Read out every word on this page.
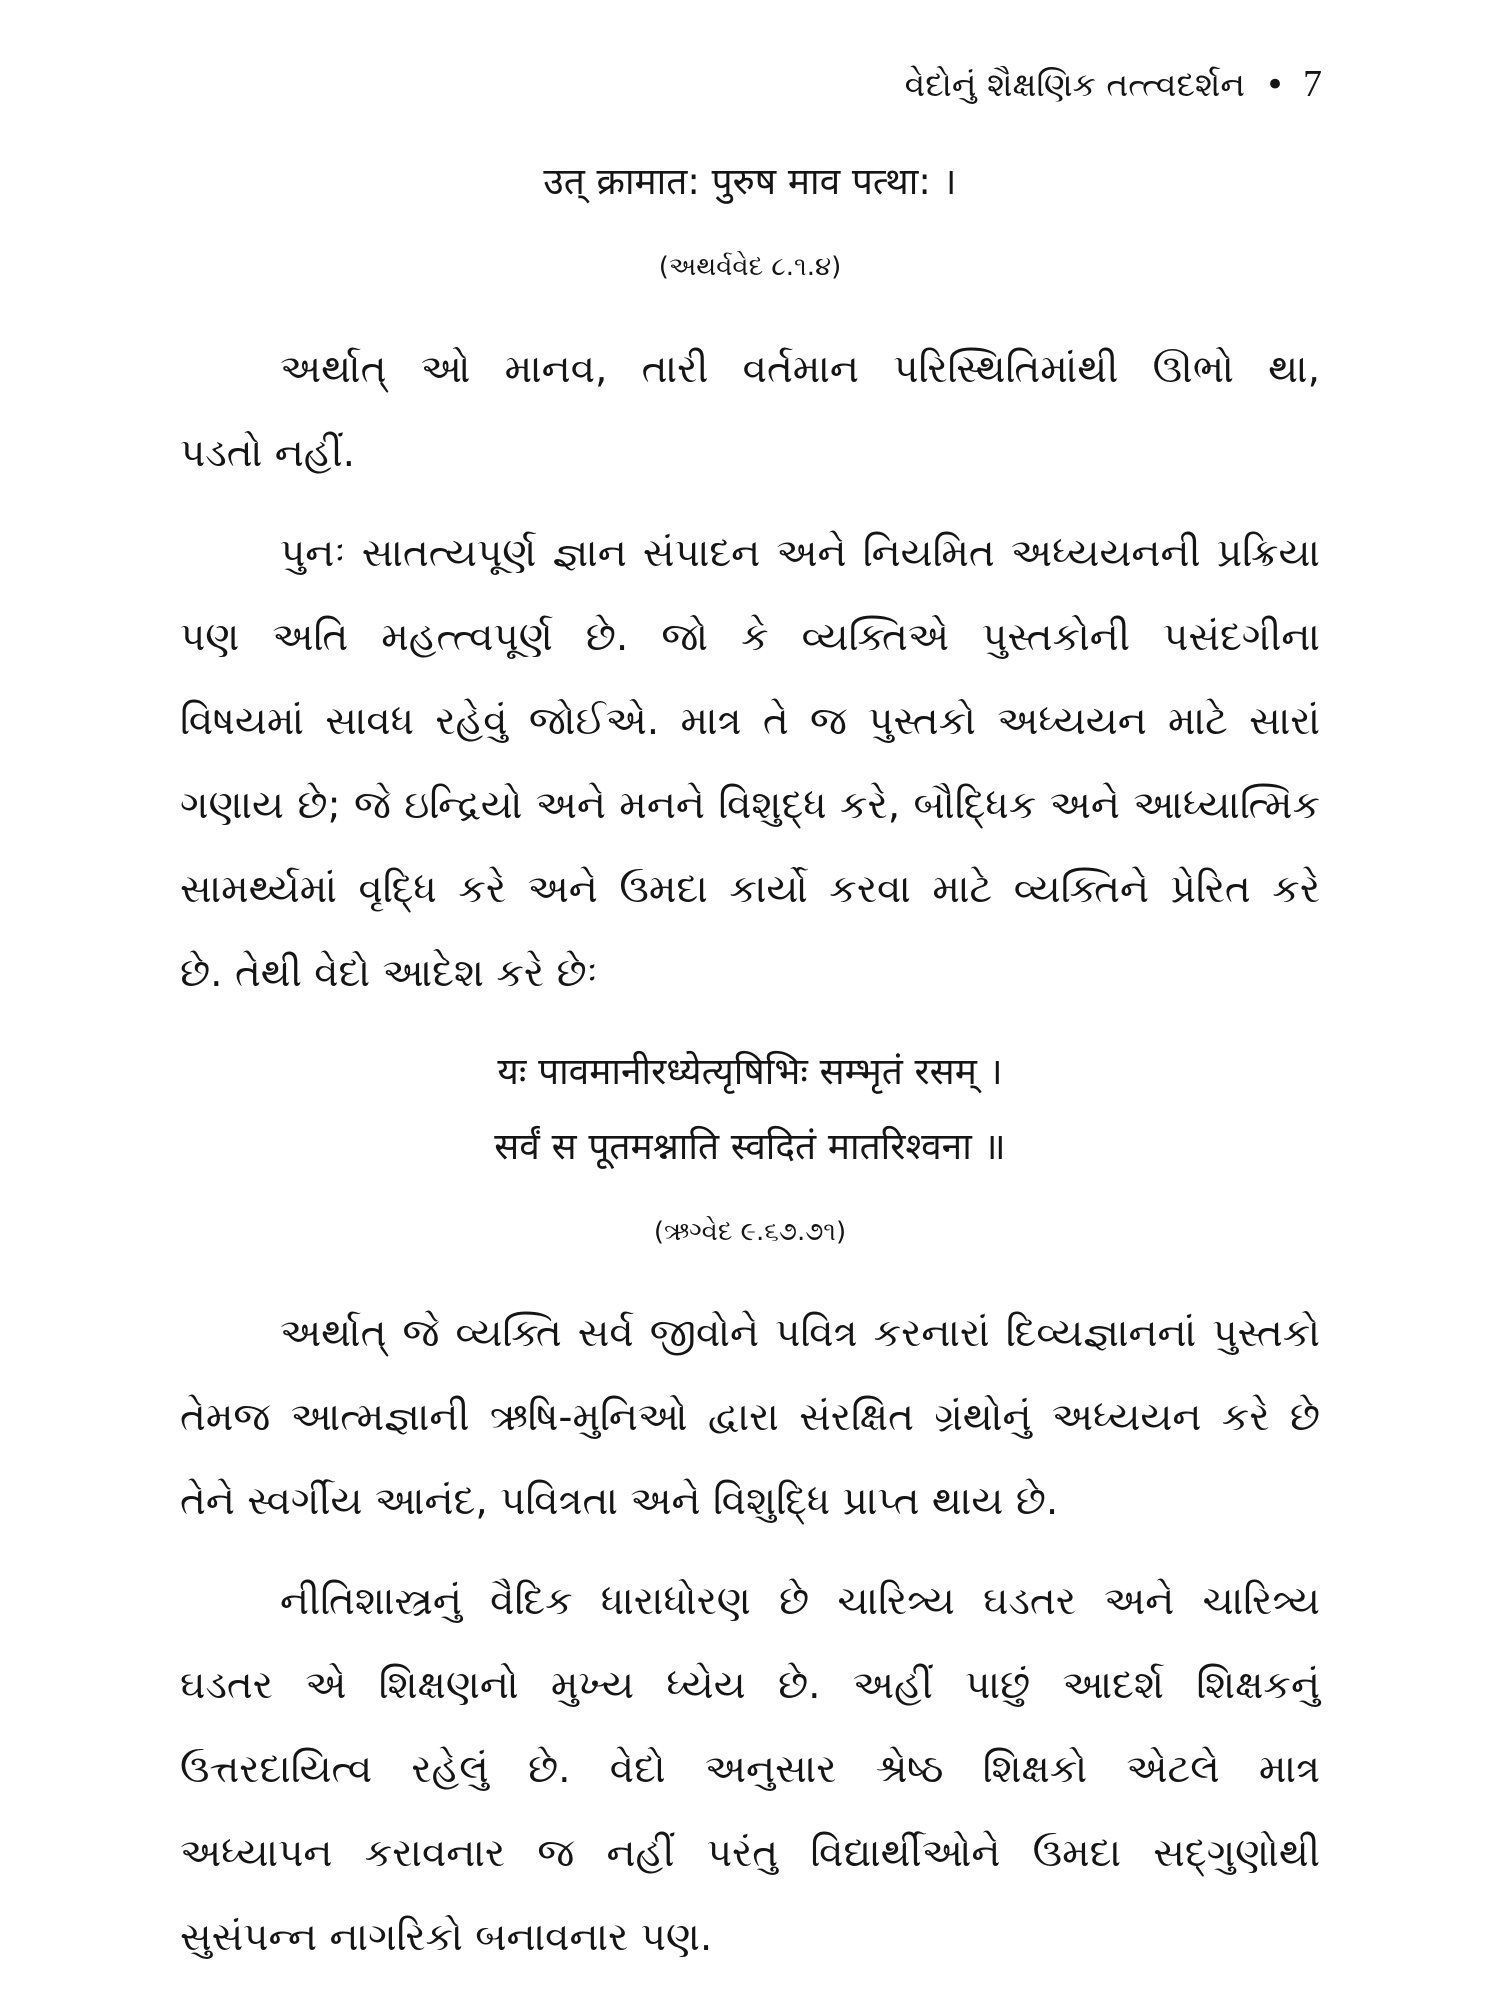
વેદોનું શૈક્ષણિક તત્ત્વદર્શન • 7
उत् क्रामात: पुरुष माव पत्था: ।
(અથર્વવેદ ૮.૧.૪)
અર્થાત્ ઓ માનવ, તારી વર્તમાન પરિસ્થિતિમાંથી ઊભો થા,
પડતો નહીં.
પુનઃ સાતત્યપૂર્ણ જ્ઞાન સંપાદન અને નિયમિત અધ્યયનની પ્રક્રિયા
પણ અતિ મહત્ત્વપૂર્ણ છે. જો કે વ્યક્તિએ પુસ્તકોની પસંદગીના
વિષયમાં સાવધ રહેવું જોઈએ. માત્ર તે જ પુસ્તકો અધ્યયન માટે સારાં
ગણાય છે; જે ઇન્દ્રિયો અને મનને વિશુદ્ધ કરે, બૌદ્ધિક અને આધ્યાત્મિક
સામર્થ્યમાં વૃદ્ધિ કરે અને ઉમદા કાર્યો કરવા માટે વ્યક્તિને પ્રેરિત કરે
છે. તેથી વેદો આદેશ કરે છેઃ
यः पावमानीरध्येत्यृषिभिः सम्भृतं रसम् ।
सर्वं स पूतमश्नाति स्वदितं मातरिश्वना ॥
(ઋગ્વેદ ૯.૬૭.૭૧)
અર્થાત્ જે વ્યક્તિ સર્વ જીવોને પવિત્ર કરનારાં દિવ્યજ્ઞાનનાં પુસ્તકો
તેમજ આત્મજ્ઞાની ઋષિ-મુનિઓ દ્વારા સંરક્ષિત ગ્રંથોનું અધ્યયન કરે છે
તેને સ્વર્ગીય આનંદ, પવિત્રતા અને વિશુદ્ધિ પ્રાપ્ત થાય છે.
નીતિશાસ્ત્રનું વૈદિક ધારાધોરણ છે ચારિત્ર્ય ઘડતર અને ચારિત્ર્ય
ઘડતર એ શિક્ષણનો મુખ્ય ધ્યેય છે. અહીં પાછું આદર્શ શિક્ષકનું
ઉત્તરદાયિત્વ રહેલું છે. વેદો અનુસાર શ્રેષ્ઠ શિક્ષકો એટલે માત્ર
અધ્યાપન કરાવનાર જ નહીં પરંતુ વિદ્યાર્થીઓને ઉમદા સદ્‌ગુણોથી
સુસંપન્ન નાગરિકો બનાવનાર પણ.
